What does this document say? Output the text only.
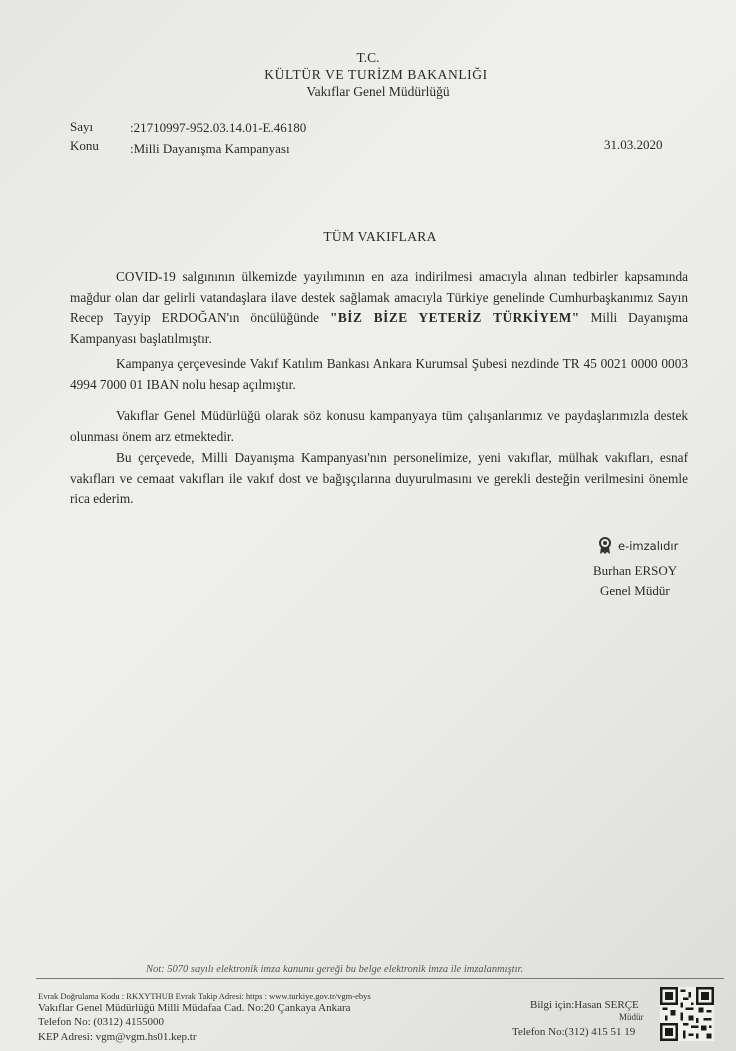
T.C.
KÜLTÜR VE TURİZM BAKANLIĞI
Vakıflar Genel Müdürlüğü
Sayı	:21710997-952.03.14.01-E.46180
Konu :Milli Dayanışma Kampanyası	31.03.2020
TÜM VAKIFLARA

COVID-19 salgınının ülkemizde yayılımının en aza indirilmesi amacıyla alınan tedbirler kapsamında mağdur olan dar gelirli vatandaşlara ilave destek sağlamak amacıyla Türkiye genelinde Cumhurbaşkanımız Sayın Recep Tayyip ERDOĞAN'ın öncülüğünde "BİZ BİZE YETERİZ TÜRKİYEM" Milli Dayanışma Kampanyası başlatılmıştır.

Kampanya çerçevesinde Vakıf Katılım Bankası Ankara Kurumsal Şubesi nezdinde TR 45 0021 0000 0003 4994 7000 01 IBAN nolu hesap açılmıştır.

Vakıflar Genel Müdürlüğü olarak söz konusu kampanyaya tüm çalışanlarımız ve paydaşlarımızla destek olunması önem arz etmektedir.

Bu çerçevede, Milli Dayanışma Kampanyası'nın personelimize, yeni vakıflar, mülhak vakıfları, esnaf vakıfları ve cemaat vakıfları ile vakıf dost ve bağışçılarına duyurulmasını ve gerekli desteğin verilmesini önemle rica ederim.

e-imzalıdır
Burhan ERSOY
Genel Müdür
Not: 5070 sayılı elektronik imza kanunu gereği bu belge elektronik imza ile imzalanmıştır.
Evrak Doğrulama Kodu : RKXYTHUB Evrak Takip Adresi: https : www.turkiye.gov.tr/vgm-ebys
Vakıflar Genel Müdürlüğü Milli Müdafaa Cad. No:20 Çankaya Ankara
Telefon No: (0312) 4155000
KEP Adresi: vgm@vgm.hs01.kep.tr
Bilgi için:Hasan SERÇE
Müdür
Telefon No:(312) 415 51 19
